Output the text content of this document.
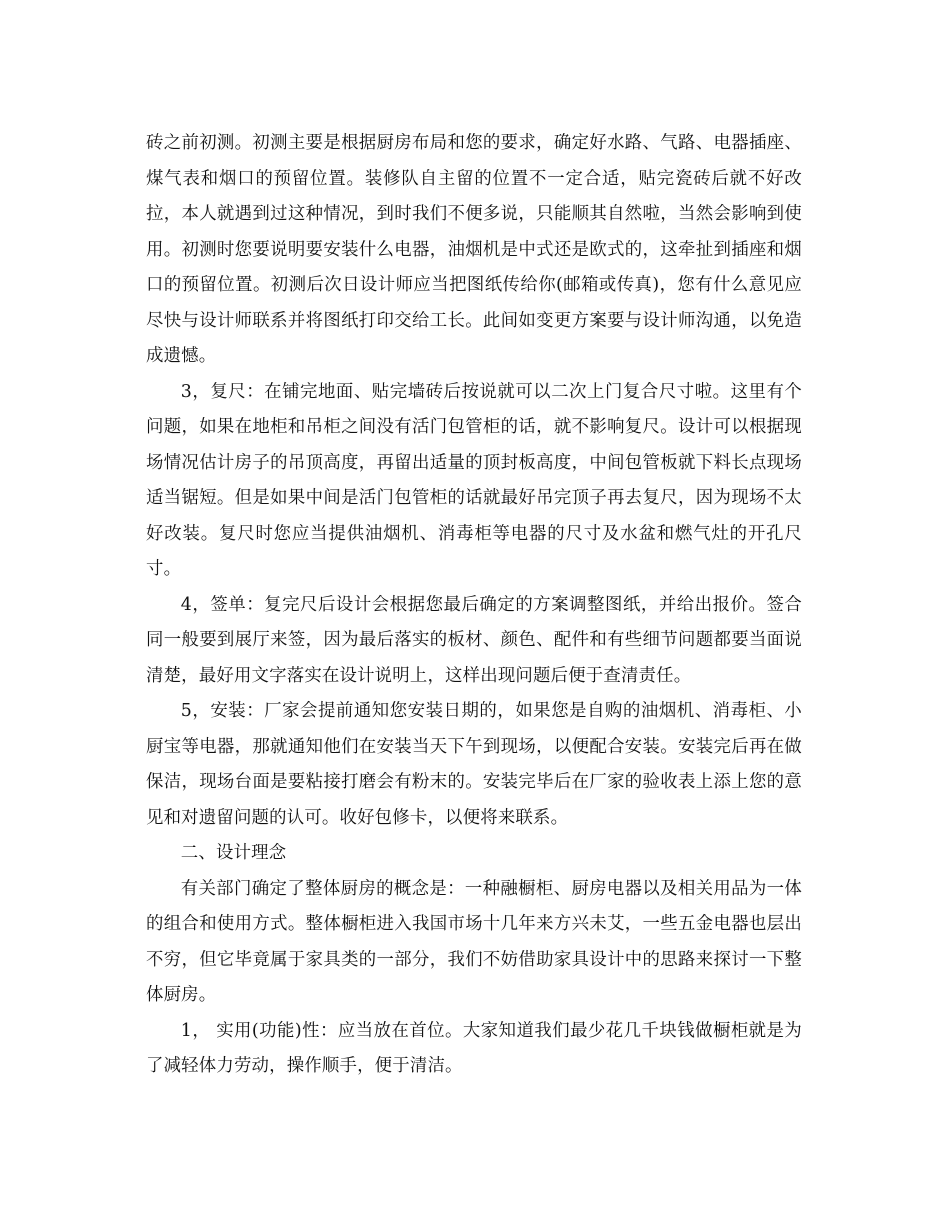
砖之前初测。初测主要是根据厨房布局和您的要求，确定好水路、气路、电器插座、煤气表和烟口的预留位置。装修队自主留的位置不一定合适，贴完瓷砖后就不好改拉，本人就遇到过这种情况，到时我们不便多说，只能顺其自然啦，当然会影响到使用。初测时您要说明要安装什么电器，油烟机是中式还是欧式的，这牵扯到插座和烟口的预留位置。初测后次日设计师应当把图纸传给你(邮箱或传真)，您有什么意见应尽快与设计师联系并将图纸打印交给工长。此间如变更方案要与设计师沟通，以免造成遗憾。

3，复尺：在铺完地面、贴完墙砖后按说就可以二次上门复合尺寸啦。这里有个问题，如果在地柜和吊柜之间没有活门包管柜的话，就不影响复尺。设计可以根据现场情况估计房子的吊顶高度，再留出适量的顶封板高度，中间包管板就下料长点现场适当锯短。但是如果中间是活门包管柜的话就最好吊完顶子再去复尺，因为现场不太好改装。复尺时您应当提供油烟机、消毒柜等电器的尺寸及水盆和燃气灶的开孔尺寸。

4，签单：复完尺后设计会根据您最后确定的方案调整图纸，并给出报价。签合同一般要到展厅来签，因为最后落实的板材、颜色、配件和有些细节问题都要当面说清楚，最好用文字落实在设计说明上，这样出现问题后便于查清责任。

5，安装：厂家会提前通知您安装日期的，如果您是自购的油烟机、消毒柜、小厨宝等电器，那就通知他们在安装当天下午到现场，以便配合安装。安装完后再在做保洁，现场台面是要粘接打磨会有粉末的。安装完毕后在厂家的验收表上添上您的意见和对遗留问题的认可。收好包修卡，以便将来联系。

二、设计理念

有关部门确定了整体厨房的概念是：一种融橱柜、厨房电器以及相关用品为一体的组合和使用方式。整体橱柜进入我国市场十几年来方兴未艾，一些五金电器也层出不穷，但它毕竟属于家具类的一部分，我们不妨借助家具设计中的思路来探讨一下整体厨房。

1， 实用(功能)性：应当放在首位。大家知道我们最少花几千块钱做橱柜就是为了减轻体力劳动，操作顺手，便于清洁。
